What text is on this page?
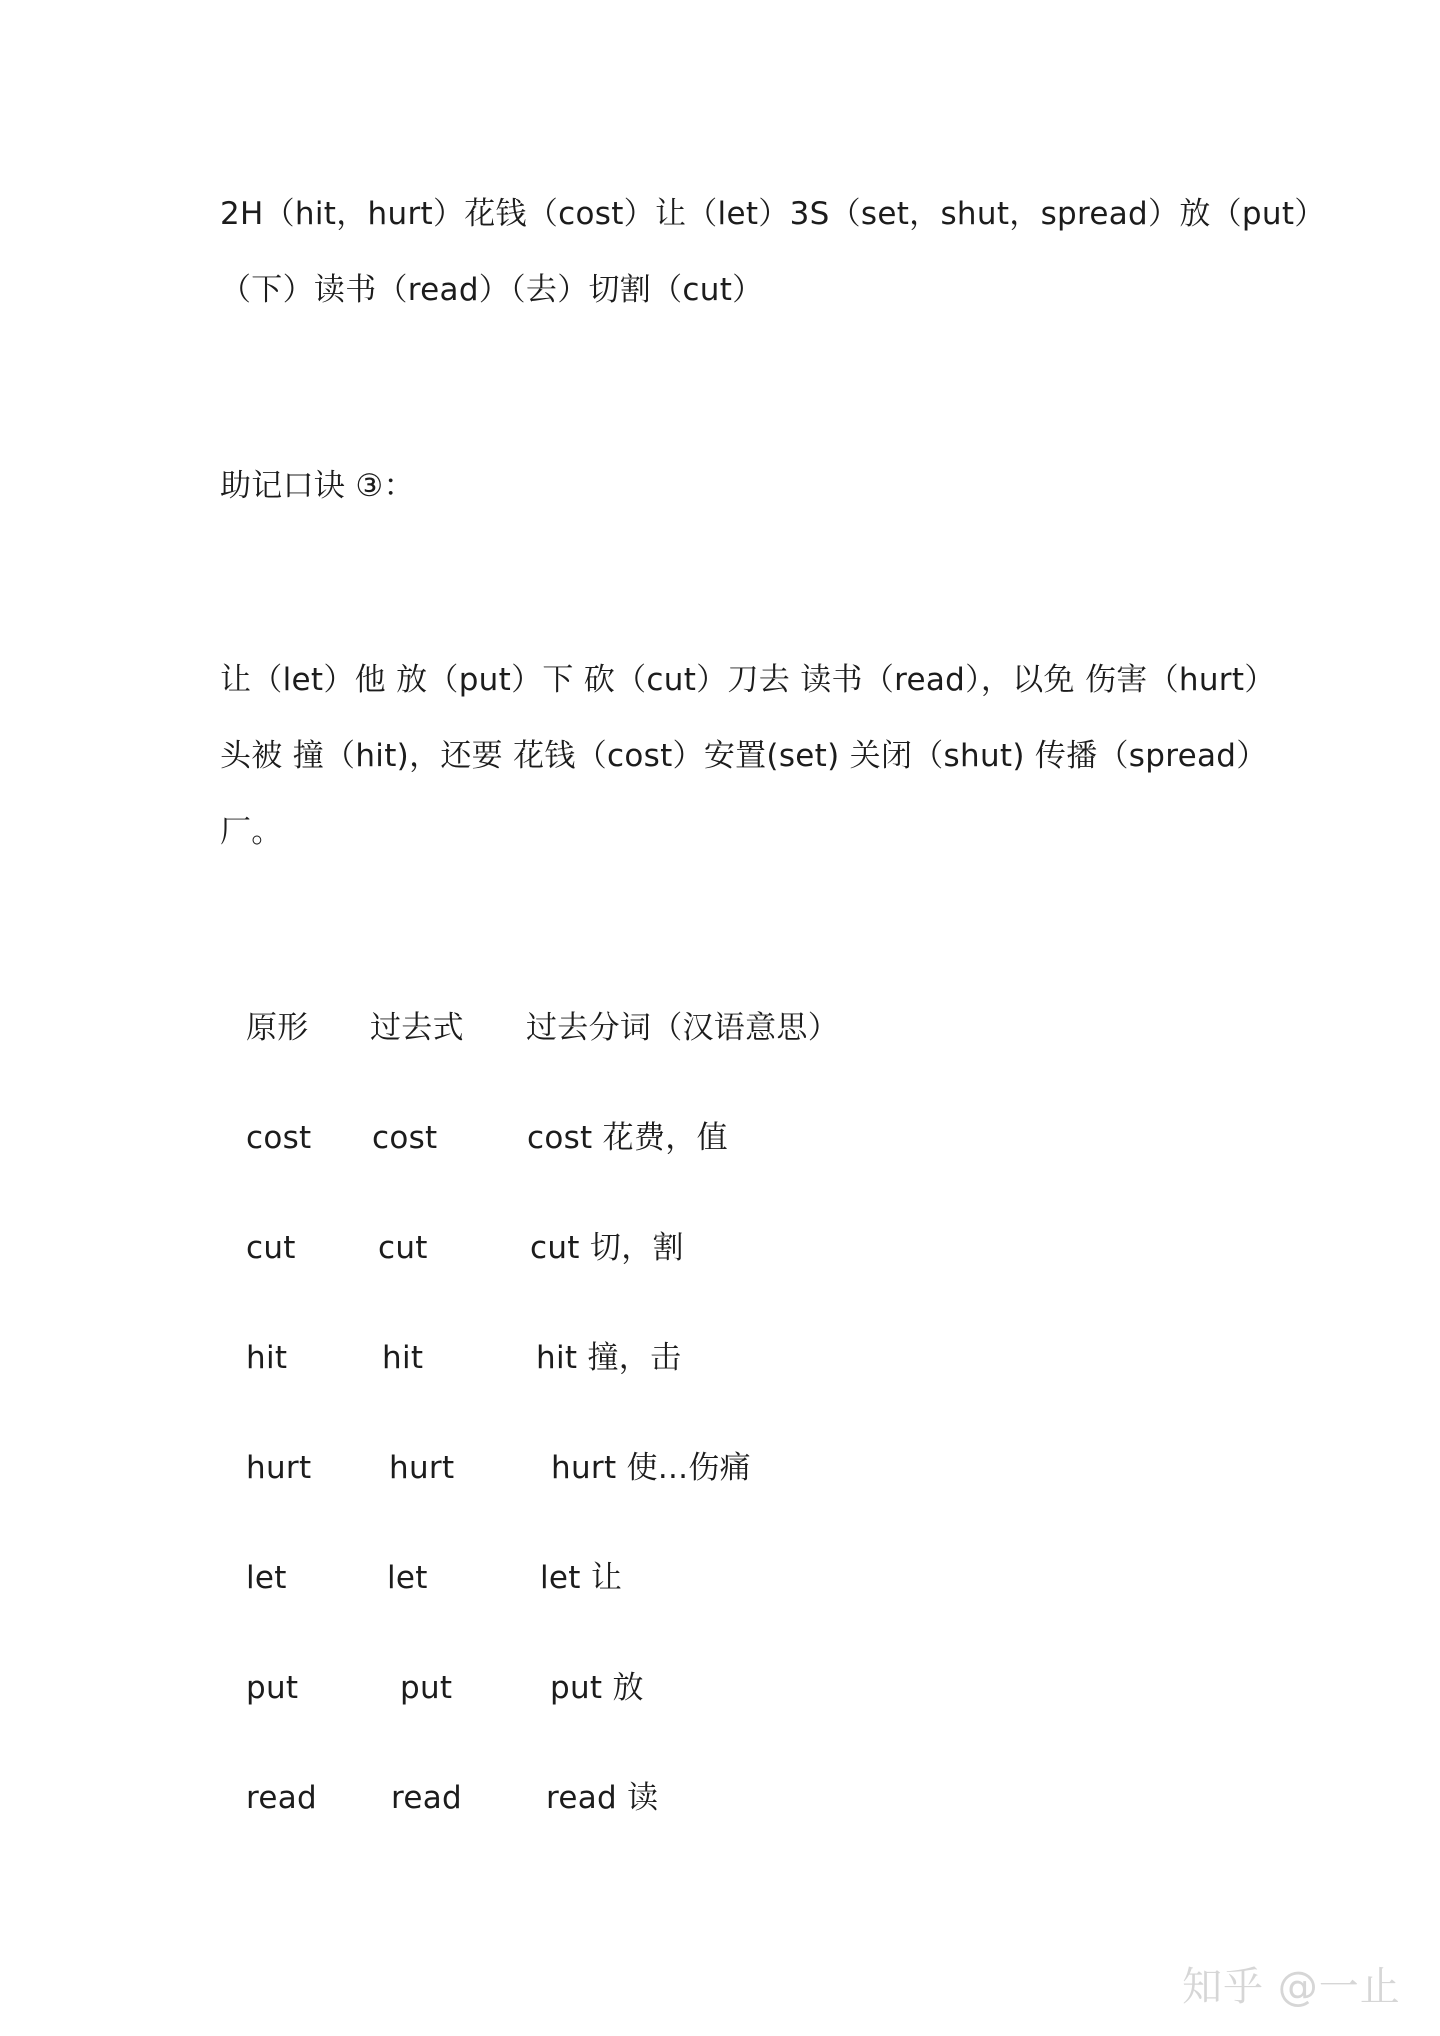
2H（hit，hurt）花钱（cost）让（let）3S（set，shut，spread）放（put）
（下）读书（read）（去）切割（cut）
助记口诀 ③：
让（let）他 放（put）下 砍（cut）刀去 读书（read），以免 伤害（hurt）
头被 撞（hit)，还要 花钱（cost）安置(set) 关闭（shut) 传播（spread）
厂。
原形 过去式 过去分词（汉语意思）
cost cost	cost 花费，值
cut	cut	cut 切，割
hit	hit	hit 撞，击
hurt	hurt	hurt 使...伤痛
let	let	let 让
put	put	put 放
read read	read 读
知乎 @一止
